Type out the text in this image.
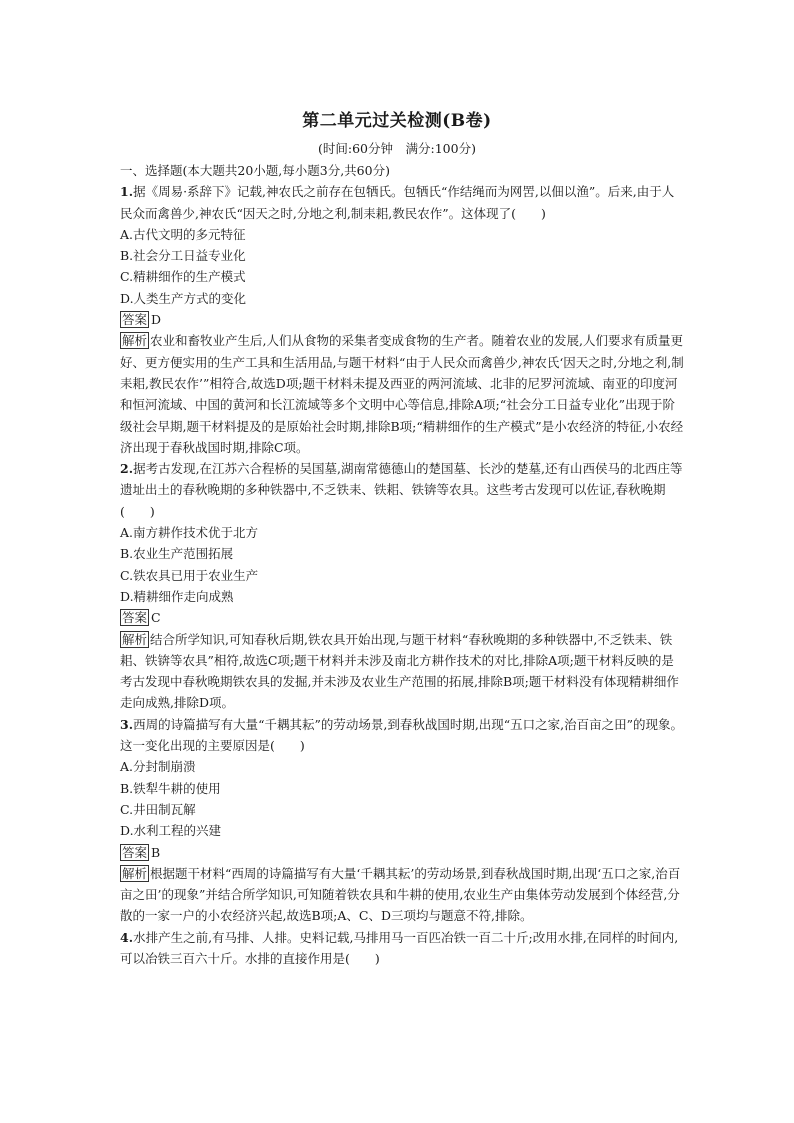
第二单元过关检测(B卷)
(时间:60分钟　满分:100分)

一、选择题(本大题共20小题,每小题3分,共60分)

1.据《周易·系辞下》记载,神农氏之前存在包牺氏。包牺氏“作结绳而为网罟,以佃以渔”。后来,由于人民众而禽兽少,神农氏“因天之时,分地之利,制耒耜,教民农作”。这体现了(　　)

A.古代文明的多元特征

B.社会分工日益专业化

C.精耕细作的生产模式

D.人类生产方式的变化

答案 D

解析 农业和畜牧业产生后,人们从食物的采集者变成食物的生产者。随着农业的发展,人们要求有质量更好、更方便实用的生产工具和生活用品,与题干材料“由于人民众而禽兽少,神农氏‘因天之时,分地之利,制耒耜,教民农作’”相符合,故选D项;题干材料未提及西亚的两河流域、北非的尼罗河流域、南亚的印度河和恒河流域、中国的黄河和长江流域等多个文明中心等信息,排除A项;“社会分工日益专业化”出现于阶级社会早期,题干材料提及的是原始社会时期,排除B项;“精耕细作的生产模式”是小农经济的特征,小农经济出现于春秋战国时期,排除C项。

2.据考古发现,在江苏六合程桥的吴国墓,湖南常德德山的楚国墓、长沙的楚墓,还有山西侯马的北西庄等遗址出土的春秋晚期的多种铁器中,不乏铁耒、铁耜、铁锛等农具。这些考古发现可以佐证,春秋晚期(　　)

A.南方耕作技术优于北方

B.农业生产范围拓展

C.铁农具已用于农业生产

D.精耕细作走向成熟

答案 C

解析 结合所学知识,可知春秋后期,铁农具开始出现,与题干材料“春秋晚期的多种铁器中,不乏铁耒、铁耜、铁锛等农具”相符,故选C项;题干材料并未涉及南北方耕作技术的对比,排除A项;题干材料反映的是考古发现中春秋晚期铁农具的发掘,并未涉及农业生产范围的拓展,排除B项;题干材料没有体现精耕细作走向成熟,排除D项。

3.西周的诗篇描写有大量“千耦其耘”的劳动场景,到春秋战国时期,出现“五口之家,治百亩之田”的现象。这一变化出现的主要原因是(　　)

A.分封制崩溃

B.铁犁牛耕的使用

C.井田制瓦解

D.水利工程的兴建

答案 B

解析 根据题干材料“西周的诗篇描写有大量‘千耦其耘’的劳动场景,到春秋战国时期,出现‘五口之家,治百亩之田’的现象”并结合所学知识,可知随着铁农具和牛耕的使用,农业生产由集体劳动发展到个体经营,分散的一家一户的小农经济兴起,故选B项;A、C、D三项均与题意不符,排除。

4.水排产生之前,有马排、人排。史料记载,马排用马一百匹冶铁一百二十斤;改用水排,在同样的时间内,可以冶铁三百六十斤。水排的直接作用是(　　)
